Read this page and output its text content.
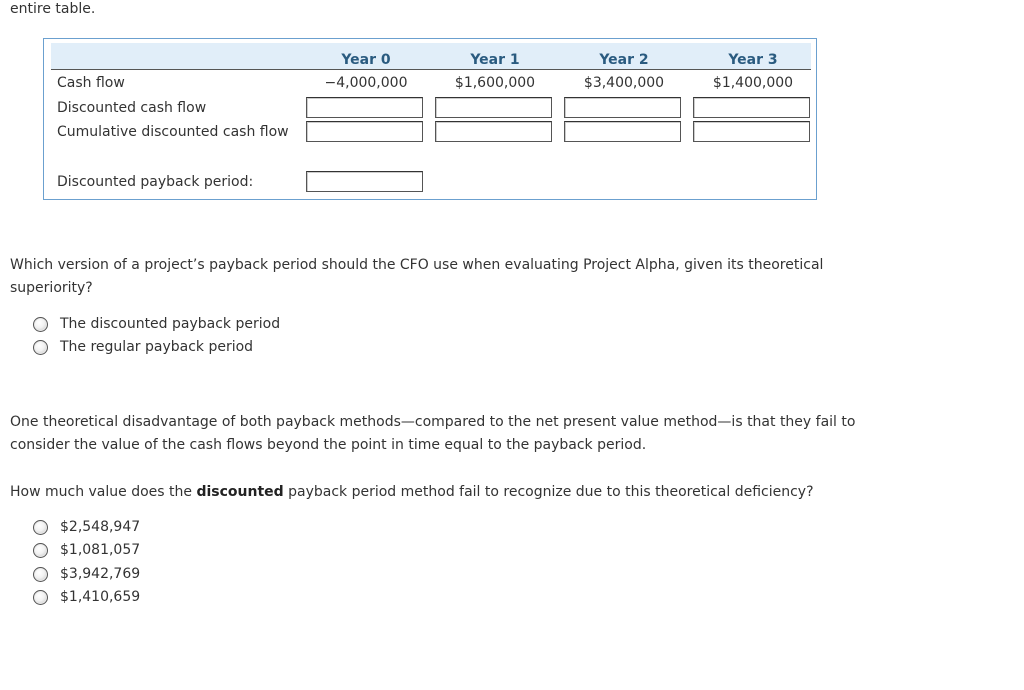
entire table.
Year 0	Year 1	Year 2	Year 3
Cash flow	−4,000,000	$1,600,000	$3,400,000	$1,400,000
Discounted cash flow
Cumulative discounted cash flow
Discounted payback period:
Which version of a project’s payback period should the CFO use when evaluating Project Alpha, given its theoretical superiority?
The discounted payback period
The regular payback period
One theoretical disadvantage of both payback methods—compared to the net present value method—is that they fail to consider the value of the cash flows beyond the point in time equal to the payback period.
How much value does the discounted payback period method fail to recognize due to this theoretical deficiency?
$2,548,947
$1,081,057
$3,942,769
$1,410,659
